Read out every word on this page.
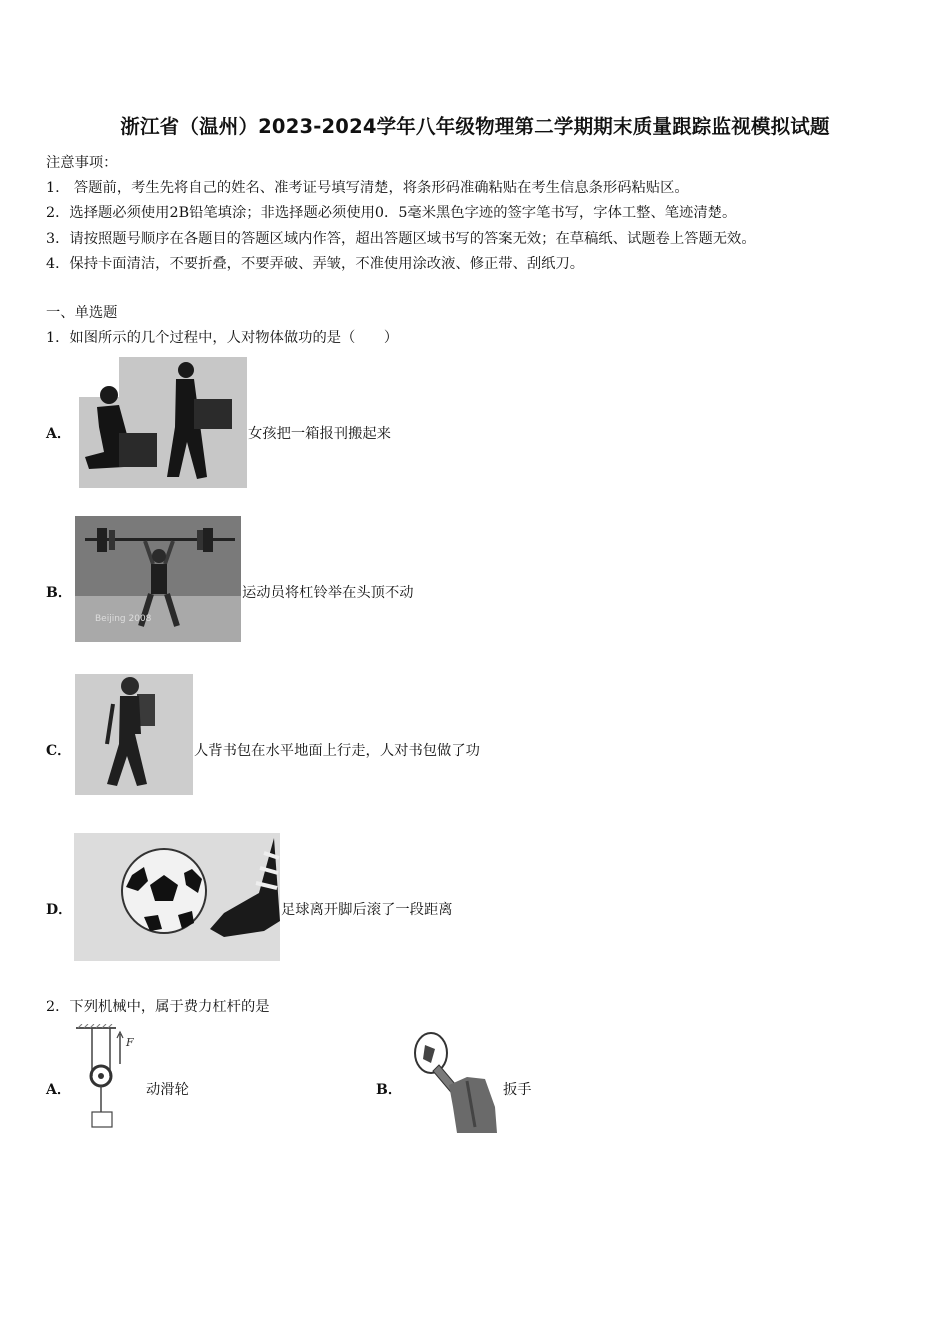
浙江省（温州）2023-2024学年八年级物理第二学期期末质量跟踪监视模拟试题
注意事项：
1.　答题前，考生先将自己的姓名、准考证号填写清楚，将条形码准确粘贴在考生信息条形码粘贴区。
2．选择题必须使用2B铅笔填涂；非选择题必须使用0．5毫米黑色字迹的签字笔书写，字体工整、笔迹清楚。
3．请按照题号顺序在各题目的答题区域内作答，超出答题区域书写的答案无效；在草稿纸、试题卷上答题无效。
4．保持卡面清洁，不要折叠，不要弄破、弄皱，不准使用涂改液、修正带、刮纸刀。
一、单选题
1．如图所示的几个过程中，人对物体做功的是（　　）
A．	女孩把一箱报刊搬起来
B．
Beijing 2008
运动员将杠铃举在头顶不动
C．	人背书包在水平地面上行走，人对书包做了功
D．	足球离开脚后滚了一段距离
2．下列机械中，属于费力杠杆的是
A．
F
动滑轮	B．	扳手
